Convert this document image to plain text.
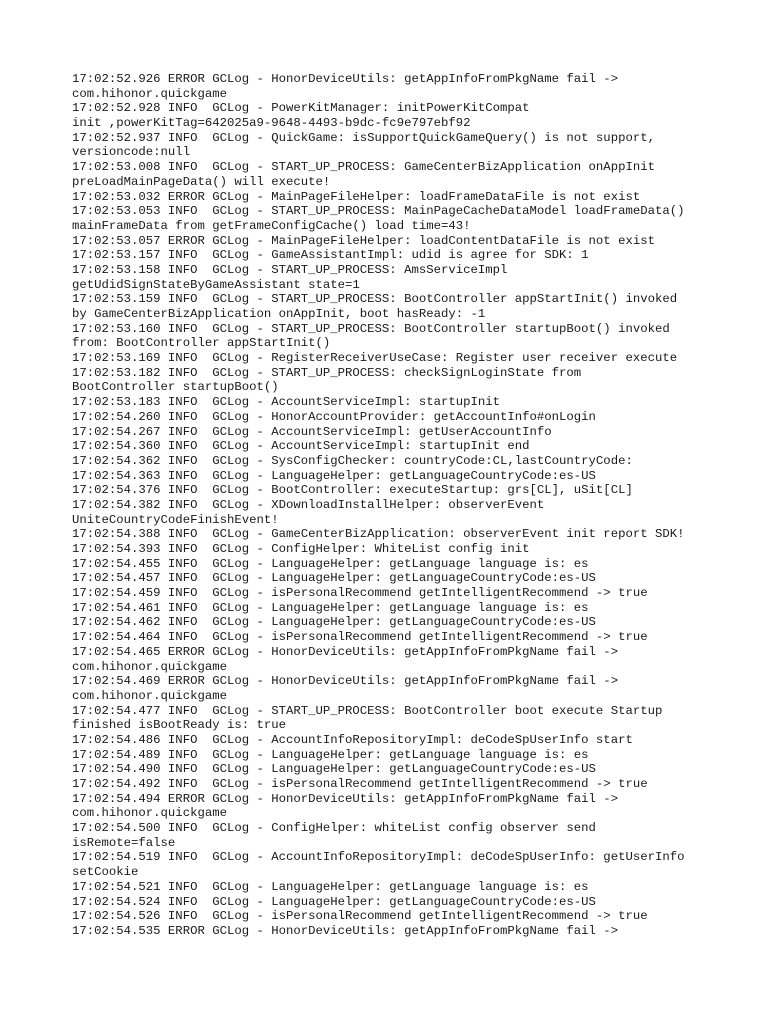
17:02:52.926 ERROR GCLog - HonorDeviceUtils: getAppInfoFromPkgName fail ->

com.hihonor.quickgame

17:02:52.928 INFO  GCLog - PowerKitManager: initPowerKitCompat

init ,powerKitTag=642025a9-9648-4493-b9dc-fc9e797ebf92

17:02:52.937 INFO  GCLog - QuickGame: isSupportQuickGameQuery() is not support,

versioncode:null

17:02:53.008 INFO  GCLog - START_UP_PROCESS: GameCenterBizApplication onAppInit

preLoadMainPageData() will execute!

17:02:53.032 ERROR GCLog - MainPageFileHelper: loadFrameDataFile is not exist

17:02:53.053 INFO  GCLog - START_UP_PROCESS: MainPageCacheDataModel loadFrameData()

mainFrameData from getFrameConfigCache() load time=43!

17:02:53.057 ERROR GCLog - MainPageFileHelper: loadContentDataFile is not exist

17:02:53.157 INFO  GCLog - GameAssistantImpl: udid is agree for SDK: 1

17:02:53.158 INFO  GCLog - START_UP_PROCESS: AmsServiceImpl

getUdidSignStateByGameAssistant state=1

17:02:53.159 INFO  GCLog - START_UP_PROCESS: BootController appStartInit() invoked

by GameCenterBizApplication onAppInit, boot hasReady: -1

17:02:53.160 INFO  GCLog - START_UP_PROCESS: BootController startupBoot() invoked

from: BootController appStartInit()

17:02:53.169 INFO  GCLog - RegisterReceiverUseCase: Register user receiver execute

17:02:53.182 INFO  GCLog - START_UP_PROCESS: checkSignLoginState from

BootController startupBoot()

17:02:53.183 INFO  GCLog - AccountServiceImpl: startupInit

17:02:54.260 INFO  GCLog - HonorAccountProvider: getAccountInfo#onLogin

17:02:54.267 INFO  GCLog - AccountServiceImpl: getUserAccountInfo

17:02:54.360 INFO  GCLog - AccountServiceImpl: startupInit end

17:02:54.362 INFO  GCLog - SysConfigChecker: countryCode:CL,lastCountryCode:

17:02:54.363 INFO  GCLog - LanguageHelper: getLanguageCountryCode:es-US

17:02:54.376 INFO  GCLog - BootController: executeStartup: grs[CL], uSit[CL]

17:02:54.382 INFO  GCLog - XDownloadInstallHelper: observerEvent

UniteCountryCodeFinishEvent!

17:02:54.388 INFO  GCLog - GameCenterBizApplication: observerEvent init report SDK!

17:02:54.393 INFO  GCLog - ConfigHelper: WhiteList config init

17:02:54.455 INFO  GCLog - LanguageHelper: getLanguage language is: es

17:02:54.457 INFO  GCLog - LanguageHelper: getLanguageCountryCode:es-US

17:02:54.459 INFO  GCLog - isPersonalRecommend getIntelligentRecommend -> true

17:02:54.461 INFO  GCLog - LanguageHelper: getLanguage language is: es

17:02:54.462 INFO  GCLog - LanguageHelper: getLanguageCountryCode:es-US

17:02:54.464 INFO  GCLog - isPersonalRecommend getIntelligentRecommend -> true

17:02:54.465 ERROR GCLog - HonorDeviceUtils: getAppInfoFromPkgName fail ->

com.hihonor.quickgame

17:02:54.469 ERROR GCLog - HonorDeviceUtils: getAppInfoFromPkgName fail ->

com.hihonor.quickgame

17:02:54.477 INFO  GCLog - START_UP_PROCESS: BootController boot execute Startup

finished isBootReady is: true

17:02:54.486 INFO  GCLog - AccountInfoRepositoryImpl: deCodeSpUserInfo start

17:02:54.489 INFO  GCLog - LanguageHelper: getLanguage language is: es

17:02:54.490 INFO  GCLog - LanguageHelper: getLanguageCountryCode:es-US

17:02:54.492 INFO  GCLog - isPersonalRecommend getIntelligentRecommend -> true

17:02:54.494 ERROR GCLog - HonorDeviceUtils: getAppInfoFromPkgName fail ->

com.hihonor.quickgame

17:02:54.500 INFO  GCLog - ConfigHelper: whiteList config observer send

isRemote=false

17:02:54.519 INFO  GCLog - AccountInfoRepositoryImpl: deCodeSpUserInfo: getUserInfo

setCookie

17:02:54.521 INFO  GCLog - LanguageHelper: getLanguage language is: es

17:02:54.524 INFO  GCLog - LanguageHelper: getLanguageCountryCode:es-US

17:02:54.526 INFO  GCLog - isPersonalRecommend getIntelligentRecommend -> true

17:02:54.535 ERROR GCLog - HonorDeviceUtils: getAppInfoFromPkgName fail ->
